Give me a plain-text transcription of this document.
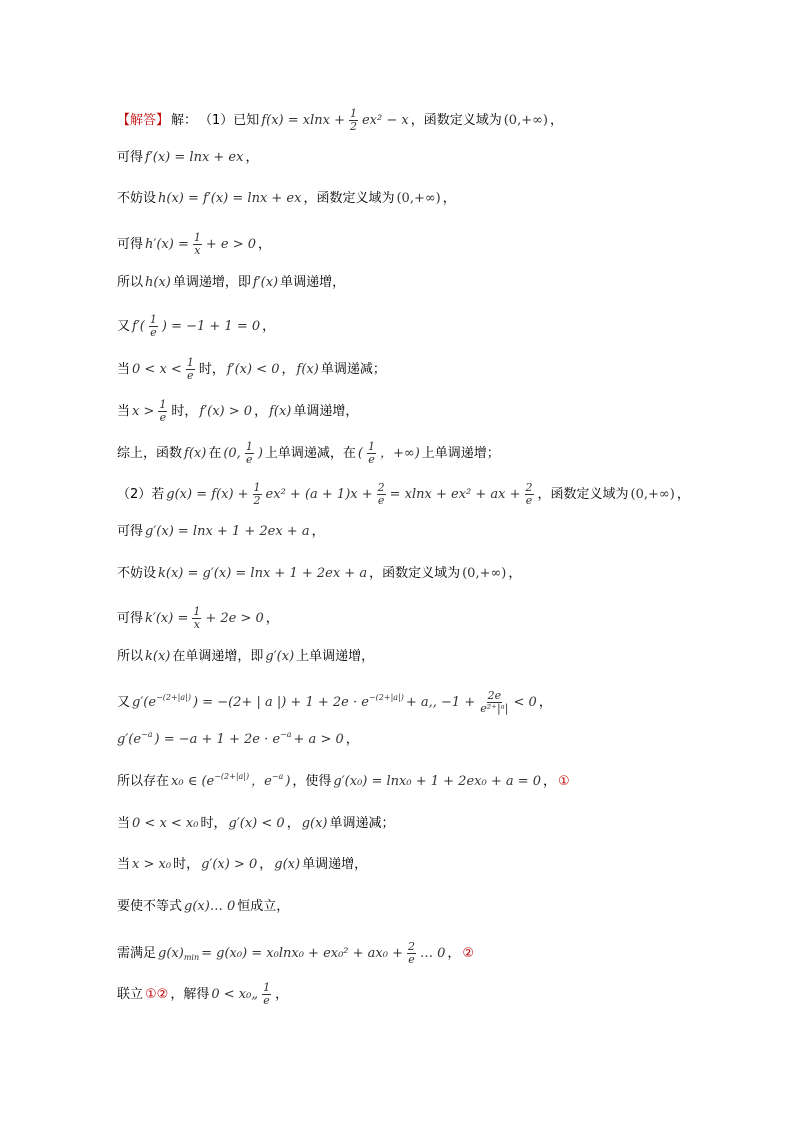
【解答】 解： （1）已知 $f(x) = xlnx + \frac{1}{2} ex^2 - x$ ，函数定义域为 (0,+∞) ，
可得 f′(x) = lnx + ex ，
不妨设 h(x) = f′(x) = lnx + ex ，函数定义域为 (0,+∞) ，
可得 $h'(x) = \frac{1}{x} + e > 0$ ，
所以 h(x) 单调递增，即 f′(x) 单调递增，
又 $f'( \frac{1}{e}$ ) = −1 + 1 = 0 ，
当 $0 < x < \frac{1}{e}$ 时， f′(x) < 0 ， f(x) 单调递减；
当 $x > \frac{1}{e}$ 时， f′(x) > 0 ， f(x) 单调递增，
综上，函数 f(x) 在 (0, $\frac{1}{e}$ ) 上单调递减，在 ( $\frac{1}{e}$ ，+∞) 上单调递增；
（2）若 $g(x) = f(x) + \frac{1}{2} ex^2 + (a + 1)x + \frac{2}{e} = xlnx + ex^2$ + ax + $\frac{2}{e}$ ，函数定义域为 (0,+∞) ，
可得 g′(x) = lnx + 1 + 2ex + a ，
不妨设 k(x) = g′(x) = lnx + 1 + 2ex + a ，函数定义域为 (0,+∞) ，
可得 $k'(x) = \frac{1}{x} + 2e > 0$ ，
所以 k(x) 在单调递增，即 g′(x) 上单调递增，
又 $g'(e^{-(2+|a|)}$ ) = −(2+ | a |) + $1 + 2e \cdot e^{-(2+|a|)} + a$,, $-1 + \frac{2e}{\text{e²⁺|ᵃ|}} < 0$ ，
$g'(e^{-a}$ ) = $-a + 1 + 2e \cdot e^{-a} + a > 0$ ，
所以存在 x₀ ∈ ($e^{-(2+|a|)}$ ，$e^{-a}$ ) ，使得 g′(x₀) = lnx₀ + 1 + 2ex₀ + a = 0 ， ①
当 0 < x < x₀ 时， g′(x) < 0 ， g(x) 单调递减；
当 x > x₀ 时， g′(x) > 0 ， g(x) 单调递增，
要使不等式 g(x)… 0 恒成立，
需满足 $g(x)_{min} = g(x_0) = x_0\ln x_0 + ex_0^2 + ax_0 + \frac{2}{e}$ … 0 ， ②
联立 ①② ，解得 0 < x₀„ $\frac{1}{e}$ ，
